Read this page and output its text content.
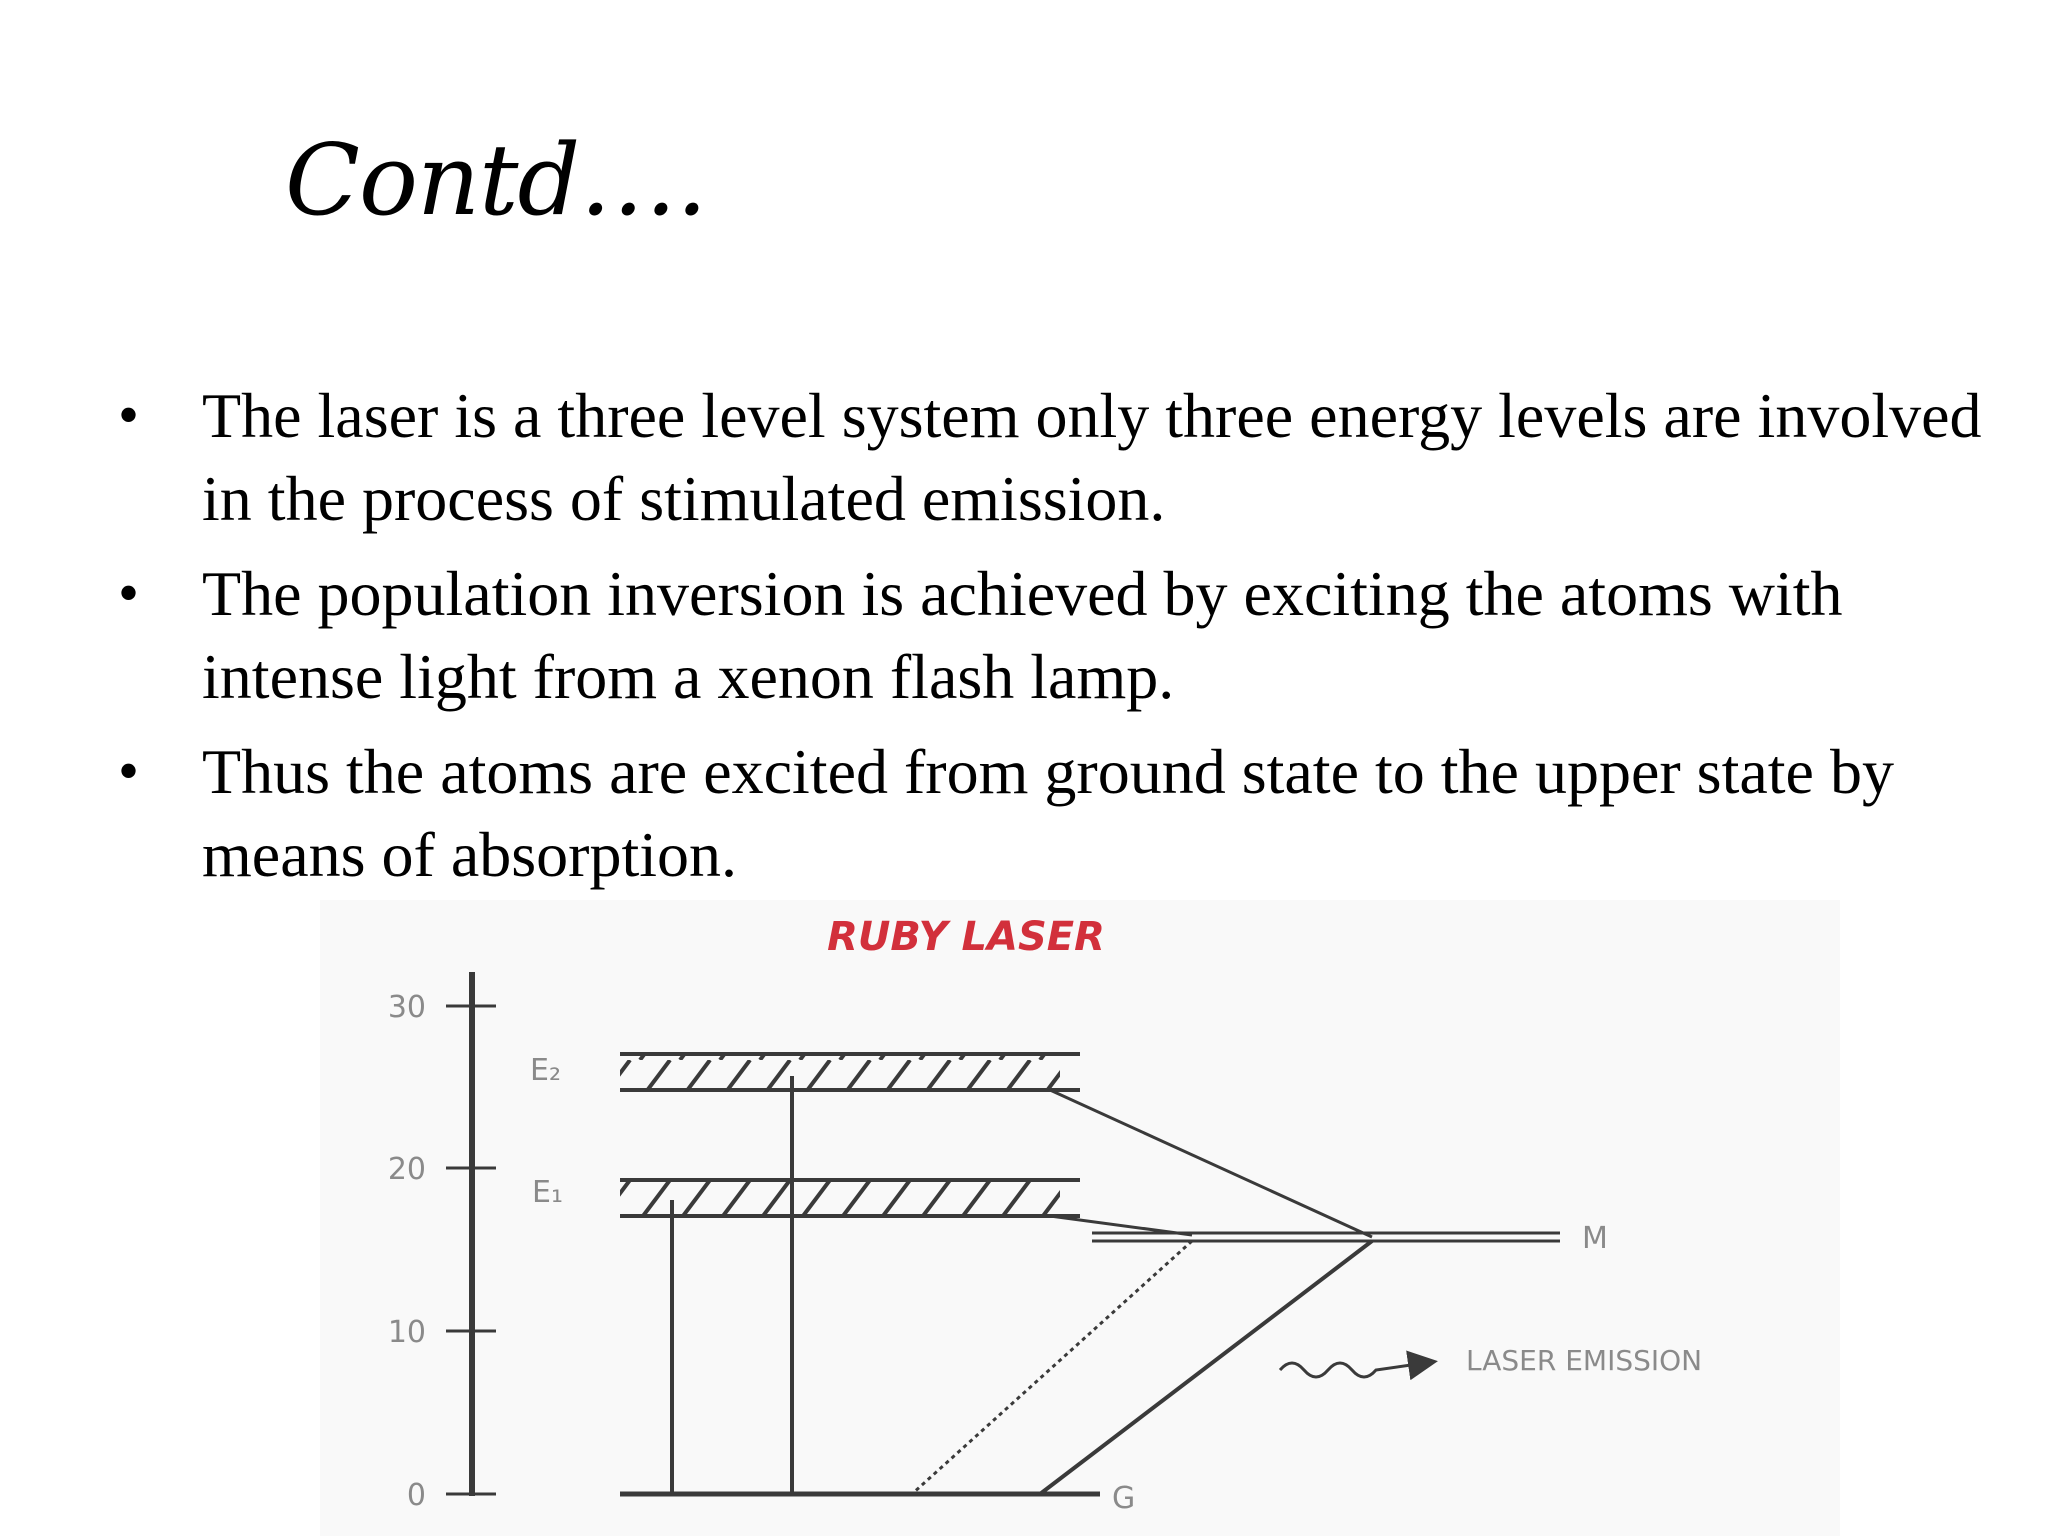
Contd….
• The laser is a three level system only three energy levels are involved in the process of stimulated emission.
• The population inversion is achieved by exciting the atoms with intense light from a xenon flash lamp.
• Thus the atoms are excited from ground state to the upper state by means of absorption.
RUBY LASER
30
20
10
0
E₂
E₁
M
G
LASER EMISSION
